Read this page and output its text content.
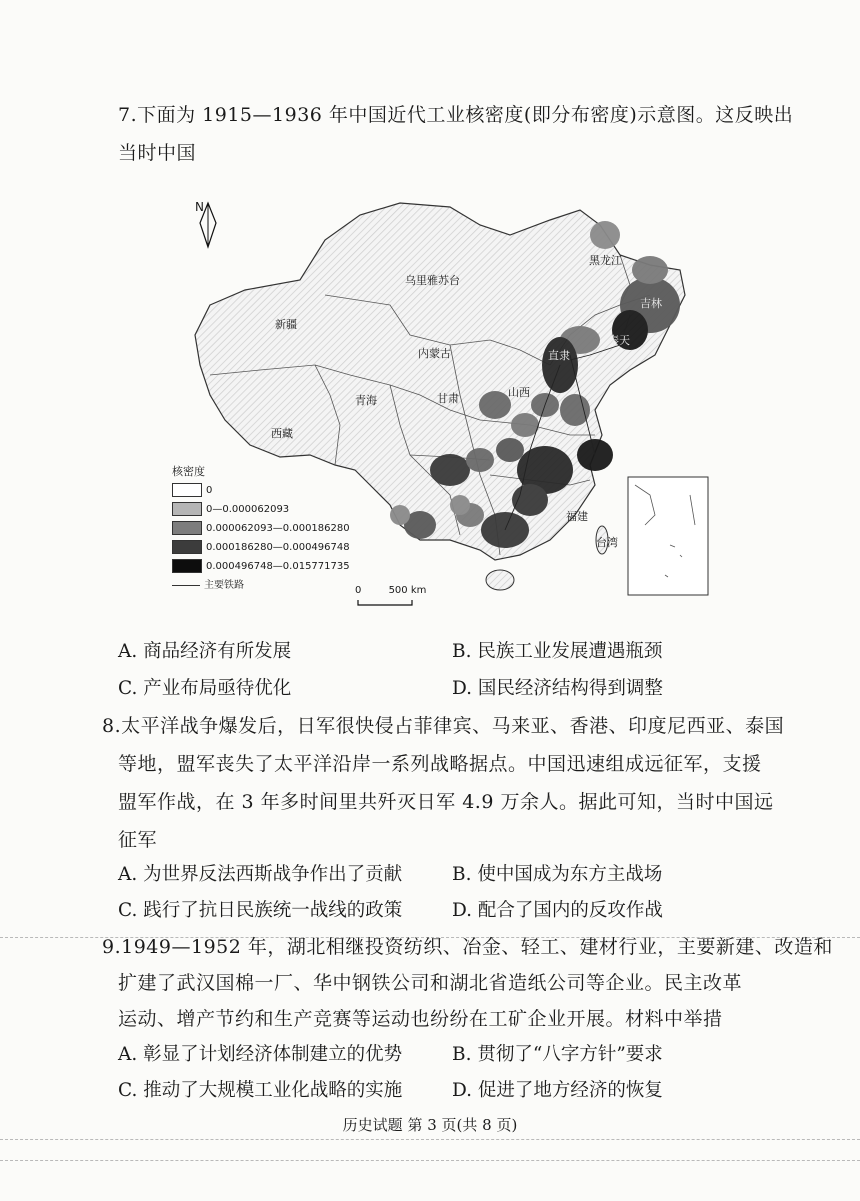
7.下面为 1915—1936 年中国近代工业核密度(即分布密度)示意图。这反映出
当时中国
N
黑龙江
乌里雅苏台
新疆
内蒙古
青海	甘肃	山西
西藏
福建
台湾
吉林
奉天
直隶
核密度
0
0—0.000062093
0.000062093—0.000186280
0.000186280—0.000496748
0.000496748—0.015771735
主要铁路	0	500 km
A. 商品经济有所发展	B. 民族工业发展遭遇瓶颈
C. 产业布局亟待优化	D. 国民经济结构得到调整
8.太平洋战争爆发后，日军很快侵占菲律宾、马来亚、香港、印度尼西亚、泰国
等地，盟军丧失了太平洋沿岸一系列战略据点。中国迅速组成远征军，支援
盟军作战，在 3 年多时间里共歼灭日军 4.9 万余人。据此可知，当时中国远
征军
A. 为世界反法西斯战争作出了贡献	B. 使中国成为东方主战场
C. 践行了抗日民族统一战线的政策	D. 配合了国内的反攻作战
9.1949—1952 年，湖北相继投资纺织、冶金、轻工、建材行业，主要新建、改造和
扩建了武汉国棉一厂、华中钢铁公司和湖北省造纸公司等企业。民主改革
运动、增产节约和生产竞赛等运动也纷纷在工矿企业开展。材料中举措
A. 彰显了计划经济体制建立的优势	B. 贯彻了“八字方针”要求
C. 推动了大规模工业化战略的实施	D. 促进了地方经济的恢复
历史试题 第 3 页(共 8 页)
